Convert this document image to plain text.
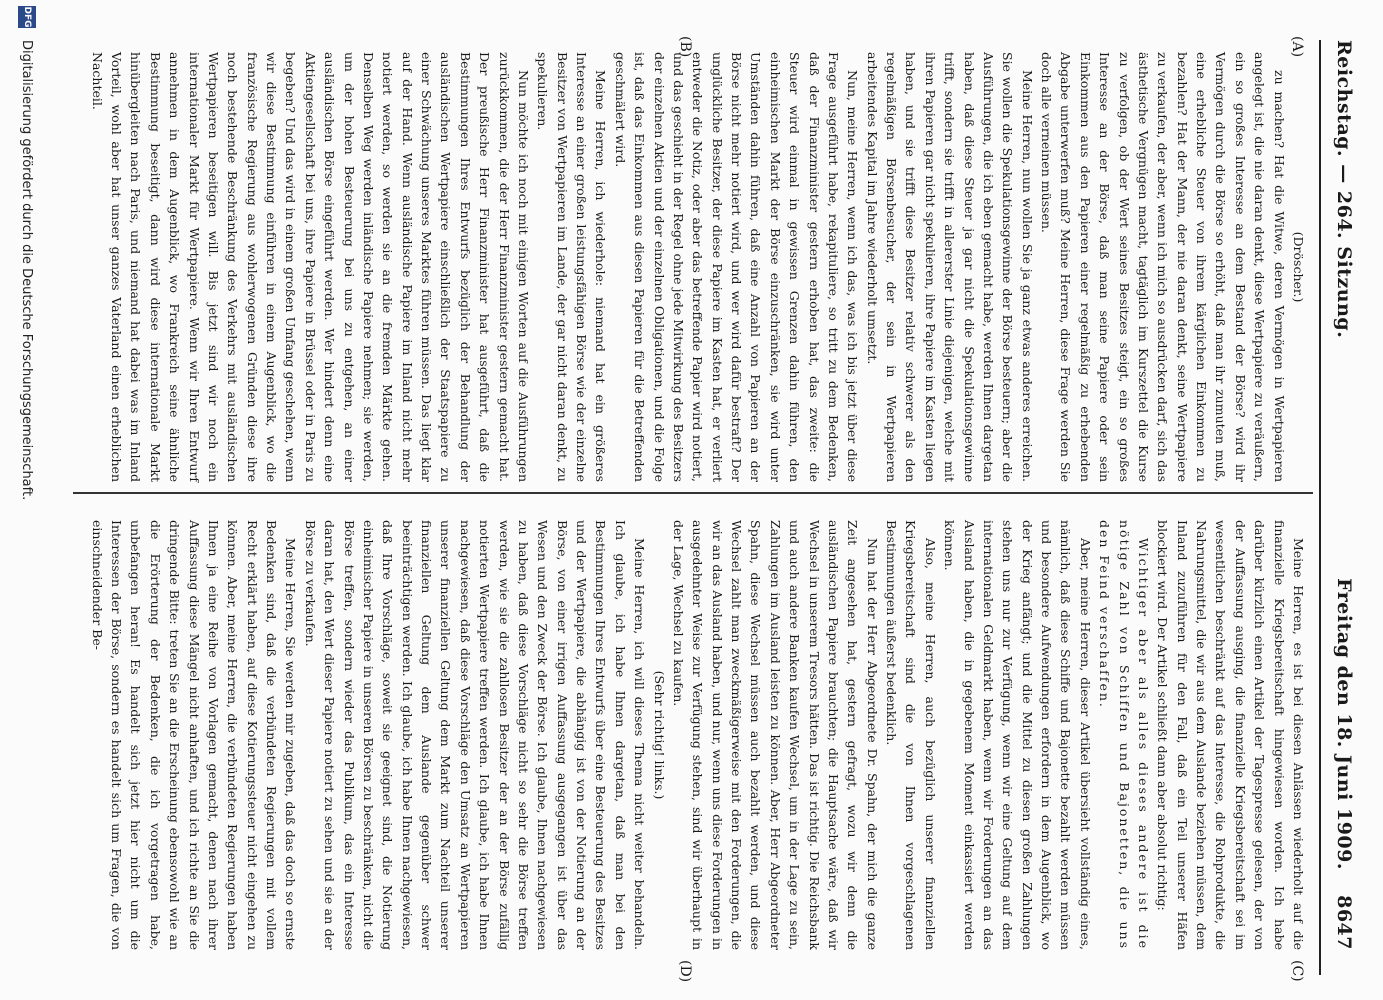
Reichstag. — 264. Sitzung.
Freitag den 18. Juni 1909.
8647
(A)
(B)
(C)
(D)

(Dröscher.)

zu machen? Hat die Witwe, deren Vermögen in Wertpapieren angelegt ist, die nie daran denkt, diese Wertpapiere zu veräußern, ein so großes Interesse an dem Bestand der Börse? wird ihr Vermögen durch die Börse so erhöht, daß man ihr zumuten muß, eine erhebliche Steuer von ihrem kärglichen Einkommen zu bezahlen? Hat der Mann, der nie daran denkt, seine Wertpapiere zu verkaufen, der aber, wenn ich mich so ausdrücken darf, sich das ästhetische Vergnügen macht, tagtäglich im Kurszettel die Kurse zu verfolgen, ob der Wert seines Besitzes steigt, ein so großes Interesse an der Börse, daß man seine Papiere oder sein Einkommen aus den Papieren einer regelmäßig zu erhebenden Abgabe unterwerfen muß? Meine Herren, diese Frage werden Sie doch alle verneinen müssen.

Meine Herren, nun wollen Sie ja ganz etwas anderes erreichen. Sie wollen die Spekulationsgewinne der Börse besteuern; aber die Ausführungen, die ich eben gemacht habe, werden Ihnen dargetan haben, daß diese Steuer ja gar nicht die Spekulationsgewinne trifft, sondern sie trifft in allererster Linie diejenigen, welche mit ihren Papieren gar nicht spekulieren, ihre Papiere im Kasten liegen haben, und sie trifft diese Besitzer relativ schwerer als den regelmäßigen Börsenbesucher, der sein in Wertpapieren arbeitendes Kapital im Jahre wiederholt umsetzt.

Nun, meine Herren, wenn ich das, was ich bis jetzt über diese Frage ausgeführt habe, rekapituliere, so tritt zu dem Bedenken, daß der Finanzminister gestern erhoben hat, das zweite: die Steuer wird einmal in gewissen Grenzen dahin führen, den einheimischen Markt der Börse einzuschränken, sie wird unter Umständen dahin führen, daß eine Anzahl von Papieren an der Börse nicht mehr notiert wird, und wer wird dafür bestraft? Der unglückliche Besitzer, der diese Papiere im Kasten hat, er verliert entweder die Notiz, oder aber das betreffende Papier wird notiert, und das geschieht in der Regel ohne jede Mitwirkung des Besitzers der einzelnen Aktien und der einzelnen Obligationen, und die Folge ist, daß das Einkommen aus diesen Papieren für die Betreffenden geschmälert wird.

Meine Herren, ich wiederhole: niemand hat ein größeres Interesse an einer großen leistungsfähigen Börse wie der einzelne Besitzer von Wertpapieren im Lande, der gar nicht daran denkt, zu spekulieren.

Nun möchte ich noch mit einigen Worten auf die Ausführungen zurückkommen, die der Herr Finanzminister gestern gemacht hat. Der preußische Herr Finanzminister hat ausgeführt, daß die Bestimmungen Ihres Entwurfs bezüglich der Behandlung der ausländischen Wertpapiere einschließlich der Staatspapiere zu einer Schwächung unseres Marktes führen müssen. Das liegt klar auf der Hand. Wenn ausländische Papiere im Inland nicht mehr notiert werden, so werden sie an die fremden Märkte gehen. Denselben Weg werden inländische Papiere nehmen; sie werden, um der hohen Besteuerung bei uns zu entgehen, an einer ausländischen Börse eingeführt werden. Wer hindert denn eine Aktiengesellschaft bei uns, ihre Papiere in Brüssel oder in Paris zu begeben? Und das wird in einem großen Umfang geschehen, wenn wir diese Bestimmung einführen in einem Augenblick, wo die französische Regierung aus wohlerwogenen Gründen diese ihre noch bestehende Beschränkung des Verkehrs mit ausländischen Wertpapieren beseitigen will. Bis jetzt sind wir noch ein internationaler Markt für Wertpapiere. Wenn wir Ihren Entwurf annehmen in dem Augenblick, wo Frankreich seine ähnliche Bestimmung beseitigt, dann wird diese internationale Markt hinübergleiten nach Paris, und niemand hat dabei was im Inland Vorteil, wohl aber hat unser ganzes Vaterland einen erheblichen Nachteil.

Meine Herren, es ist bei diesen Anlässen wiederholt auf die finanzielle Kriegsbereitschaft hingewiesen worden. Ich habe darüber kürzlich einen Artikel der Tagespresse gelesen, der von der Auffassung ausging, die finanzielle Kriegsbereitschaft sei im wesentlichen beschränkt auf das Interesse, die Rohprodukte, die Nahrungsmittel, die wir aus dem Auslande beziehen müssen, dem Inland zuzuführen für den Fall, daß ein Teil unserer Häfen blockiert wird. Der Artikel schließt dann aber absolut richtig:

Wichtiger aber als alles dieses andere ist die nötige Zahl von Schiffen und Bajonetten, die uns den Feind verschaffen.

Aber, meine Herren, dieser Artikel übersieht vollständig eines, nämlich, daß diese Schiffe und Bajonette bezahlt werden müssen und besondere Aufwendungen erfordern in dem Augenblick, wo der Krieg anfängt; und die Mittel zu diesen großen Zahlungen stehen uns nur zur Verfügung, wenn wir eine Geltung auf dem internationalen Geldmarkt haben, wenn wir Forderungen an das Ausland haben, die in gegebenem Moment einkassiert werden können.

Also, meine Herren, auch bezüglich unserer finanziellen Kriegsbereitschaft sind die von Ihnen vorgeschlagenen Bestimmungen äußerst bedenklich.

Nun hat der Herr Abgeordnete Dr. Spahn, der mich die ganze Zeit angesehen hat, gestern gefragt, wozu wir denn die ausländischen Papiere brauchten; die Hauptsache wäre, daß wir Wechsel in unserem Tresors hätten. Das ist richtig. Die Reichsbank und auch andere Banken kaufen Wechsel, um in der Lage zu sein, Zahlungen im Ausland leisten zu können. Aber, Herr Abgeordneter Spahn, diese Wechsel müssen auch bezahlt werden, und diese Wechsel zahlt man zweckmäßigerweise mit den Forderungen, die wir an das Ausland haben, und nur, wenn uns diese Forderungen in ausgedehnter Weise zur Verfügung stehen, sind wir überhaupt in der Lage, Wechsel zu kaufen.

(Sehr richtig! links.)

Meine Herren, ich will dieses Thema nicht weiter behandeln. Ich glaube, ich habe Ihnen dargetan, daß man bei den Bestimmungen Ihres Entwurfs über eine Besteuerung des Besitzes und der Wertpapiere, die abhängig ist von der Notierung an der Börse, von einer irrigen Auffassung ausgegangen ist über das Wesen und den Zweck der Börse. Ich glaube, Ihnen nachgewiesen zu haben, daß diese Vorschläge nicht so sehr die Börse treffen werden, wie sie die zahllosen Besitzer der an der Börse zufällig notierten Wertpapiere treffen werden. Ich glaube, ich habe Ihnen nachgewiesen, daß diese Vorschläge den Umsatz an Wertpapieren unserer finanziellen Geltung dem Markt zum Nachteil unserer finanziellen Geltung dem Auslande gegenüber schwer beeinträchtigen werden. Ich glaube, ich habe Ihnen nachgewiesen, daß Ihre Vorschläge, soweit sie geeignet sind, die Notierung einheimischer Papiere in unseren Börsen zu beschränken, nicht die Börse treffen, sondern wieder das Publikum, das ein Interesse daran hat, den Wert dieser Papiere notiert zu sehen und sie an der Börse zu verkaufen.

Meine Herren, Sie werden mir zugeben, daß das doch so ernste Bedenken sind, daß die verbündeten Regierungen mit vollem Recht erklärt haben, auf diese Kotierungssteuer nicht eingehen zu können. Aber, meine Herren, die verbündeten Regierungen haben Ihnen ja eine Reihe von Vorlagen gemacht, denen nach ihrer Auffassung diese Mängel nicht anhaften, und ich richte an Sie die dringende Bitte: treten Sie an die Erscheinung ebensowohl wie an die Erörterung der Bedenken, die ich vorgetragen habe, unbefangen heran! Es handelt sich jetzt hier nicht um die Interessen der Börse, sondern es handelt sich um Fragen, die von einschneidender Be-

DFG
Digitalisierung gefördert durch die Deutsche Forschungsgemeinschaft.
